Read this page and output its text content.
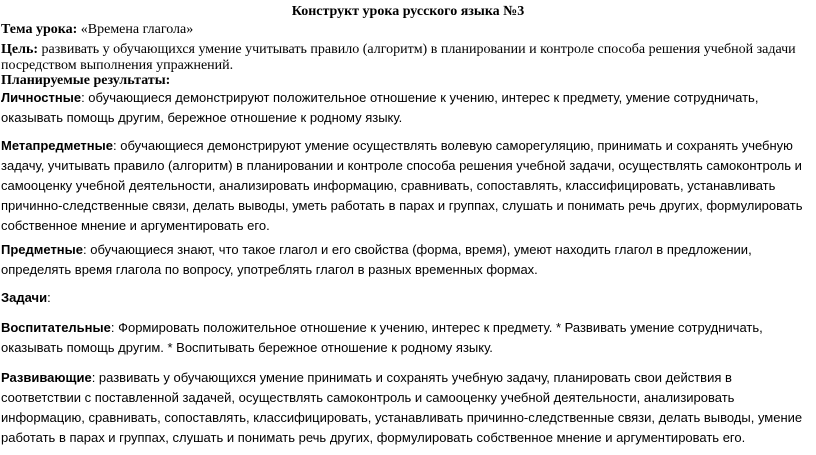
Конструкт урока русского языка №3
Тема урока: «Времена глагола»
Цель: развивать у обучающихся умение учитывать правило (алгоритм) в планировании и контроле способа решения учебной задачи посредством выполнения упражнений.
Планируемые результаты:
Личностные: обучающиеся демонстрируют положительное отношение к учению, интерес к предмету, умение сотрудничать, оказывать помощь другим, бережное отношение к родному языку.
Метапредметные: обучающиеся демонстрируют умение осуществлять волевую саморегуляцию, принимать и сохранять учебную задачу, учитывать правило (алгоритм) в планировании и контроле способа решения учебной задачи, осуществлять самоконтроль и самооценку учебной деятельности, анализировать информацию, сравнивать, сопоставлять, классифицировать, устанавливать причинно-следственные связи, делать выводы, уметь работать в парах и группах, слушать и понимать речь других, формулировать собственное мнение и аргументировать его.
Предметные: обучающиеся знают, что такое глагол и его свойства (форма, время), умеют находить глагол в предложении, определять время глагола по вопросу, употреблять глагол в разных временных формах.
Задачи:
Воспитательные: Формировать положительное отношение к учению, интерес к предмету. * Развивать умение сотрудничать, оказывать помощь другим. * Воспитывать бережное отношение к родному языку.
Развивающие: развивать у обучающихся умение принимать и сохранять учебную задачу, планировать свои действия в соответствии с поставленной задачей, осуществлять самоконтроль и самооценку учебной деятельности, анализировать информацию, сравнивать, сопоставлять, классифицировать, устанавливать причинно-следственные связи, делать выводы, умение работать в парах и группах, слушать и понимать речь других, формулировать собственное мнение и аргументировать его.
